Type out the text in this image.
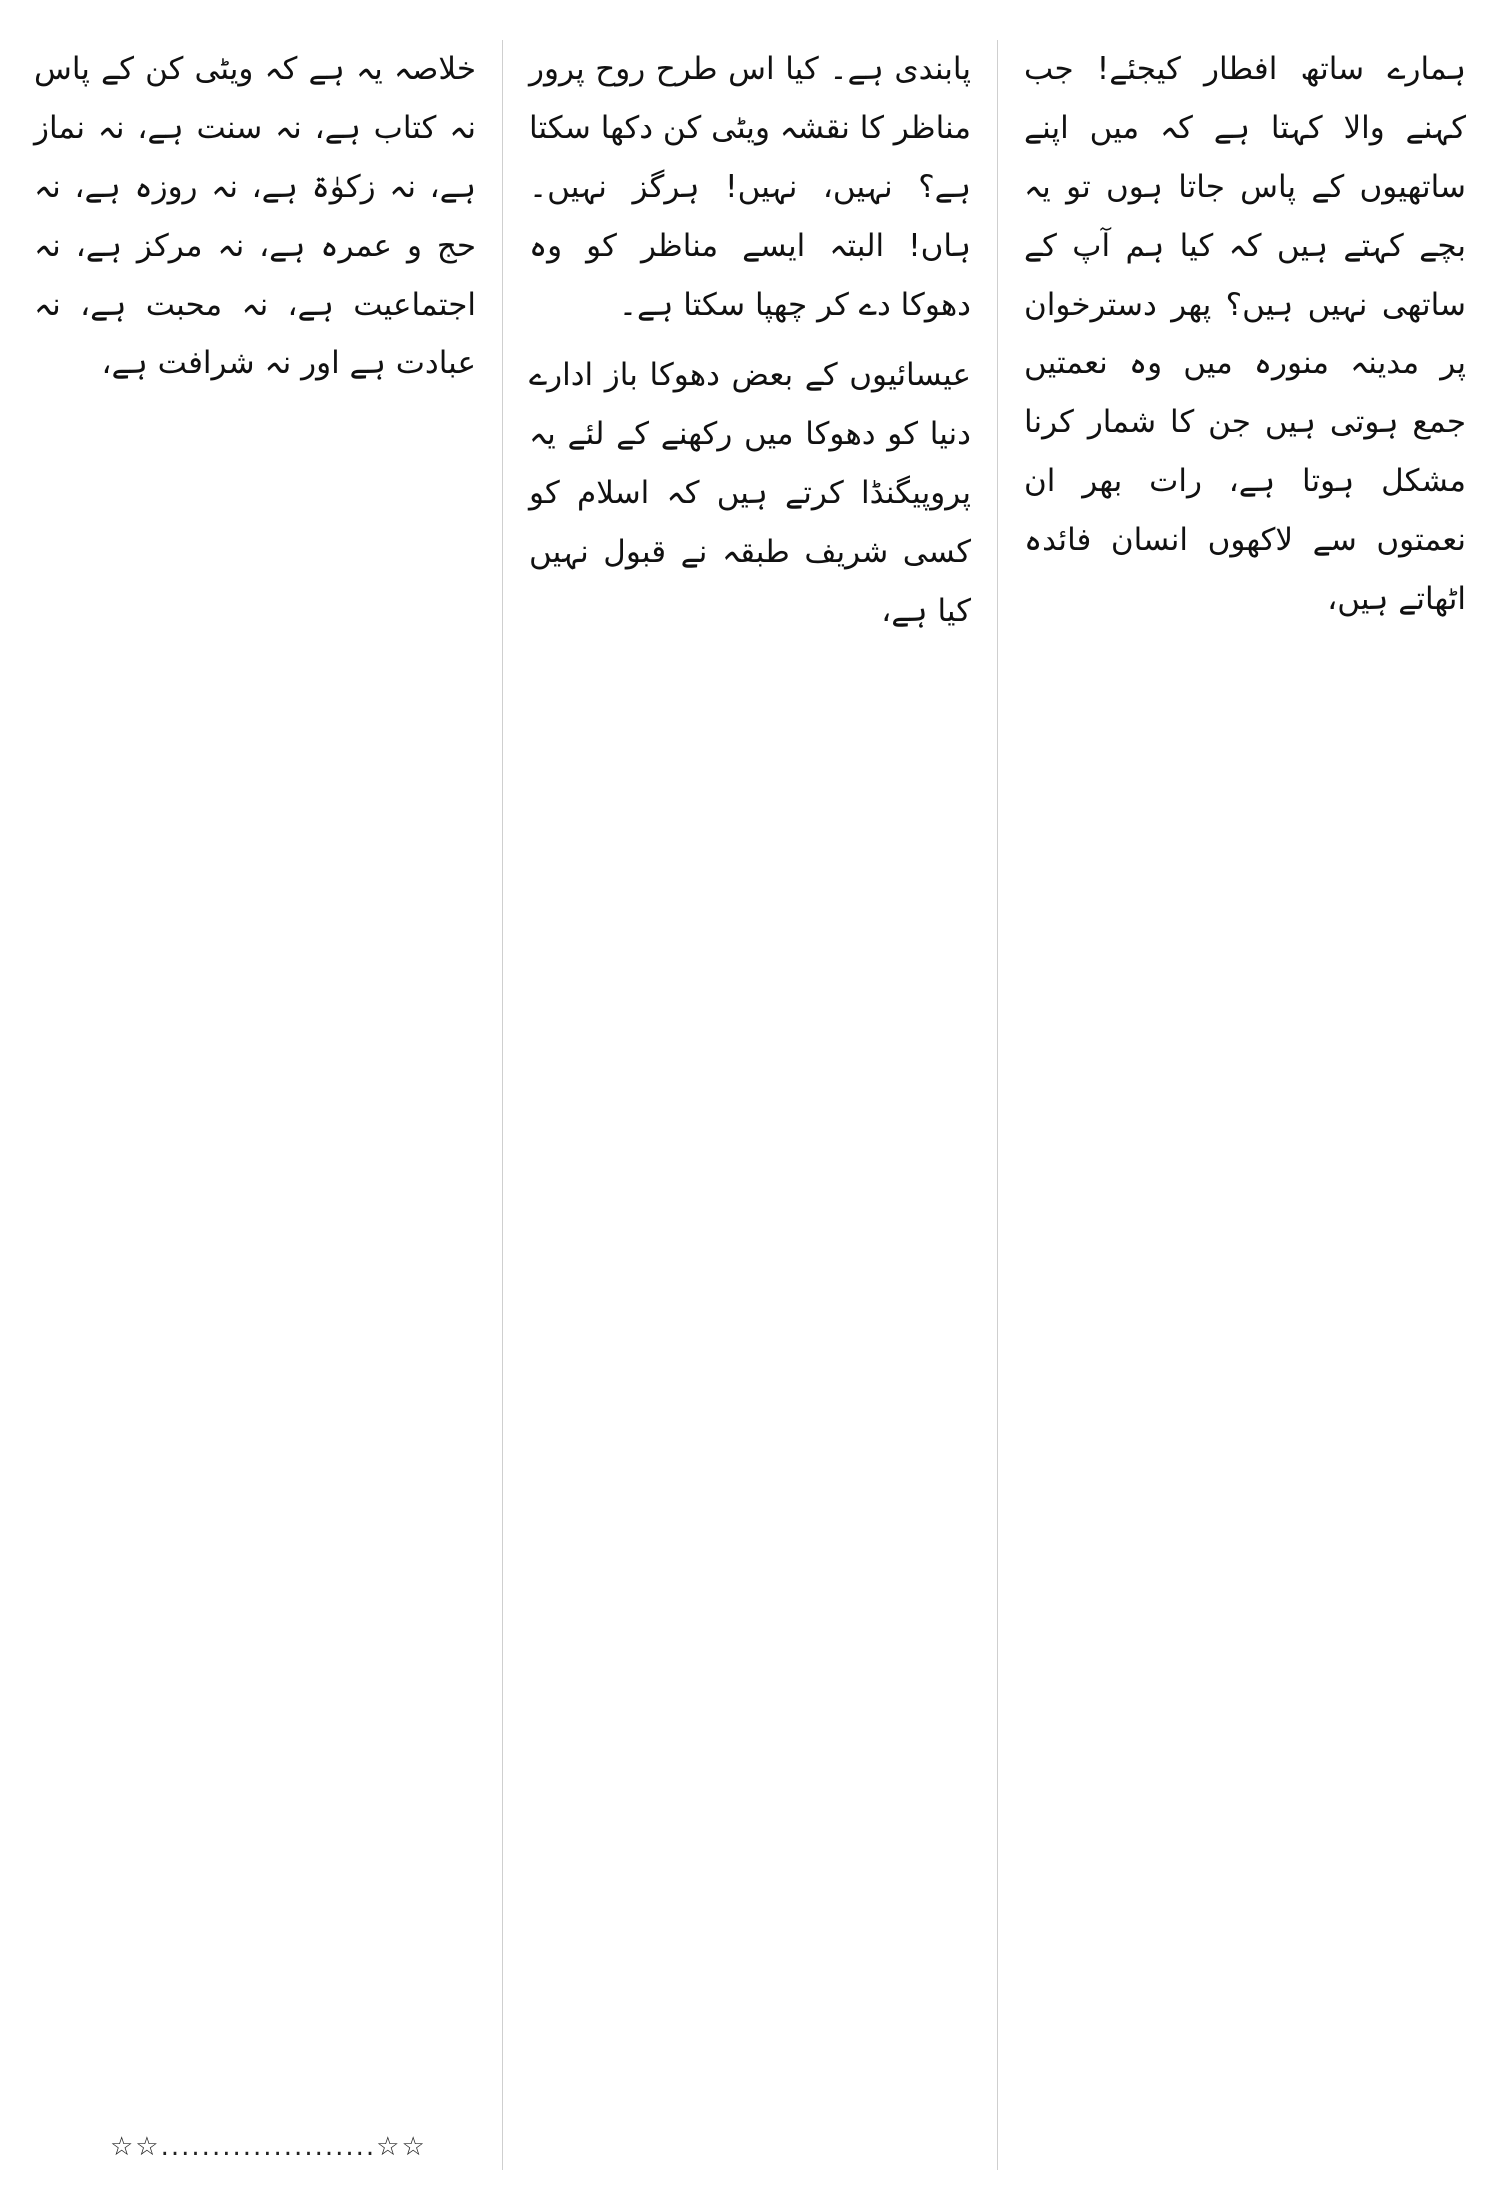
ہمارے ساتھ افطار کیجئے! جب کہنے والا کہتا ہے کہ میں اپنے ساتھیوں کے پاس جاتا ہوں تو یہ بچے کہتے ہیں کہ کیا ہم آپ کے ساتھی نہیں ہیں؟ پھر دسترخوان پر مدینہ منورہ میں وہ نعمتیں جمع ہوتی ہیں جن کا شمار کرنا مشکل ہوتا ہے، رات بھر ان نعمتوں سے لاکھوں انسان فائدہ اٹھاتے ہیں،

پابندی ہے۔ کیا اس طرح روح پرور مناظر کا نقشہ ویٹی کن دکھا سکتا ہے؟ نہیں، نہیں! ہرگز نہیں۔ ہاں! البتہ ایسے مناظر کو وہ دھوکا دے کر چھپا سکتا ہے۔

عیسائیوں کے بعض دھوکا باز ادارے دنیا کو دھوکا میں رکھنے کے لئے یہ پروپیگنڈا کرتے ہیں کہ اسلام کو کسی شریف طبقہ نے قبول نہیں کیا ہے،

خلاصہ یہ ہے کہ ویٹی کن کے پاس نہ کتاب ہے، نہ سنت ہے، نہ نماز ہے، نہ زکوٰۃ ہے، نہ روزہ ہے، نہ حج و عمرہ ہے، نہ مرکز ہے، نہ اجتماعیت ہے، نہ محبت ہے، نہ عبادت ہے اور نہ شرافت ہے،

☆☆.....................☆☆
